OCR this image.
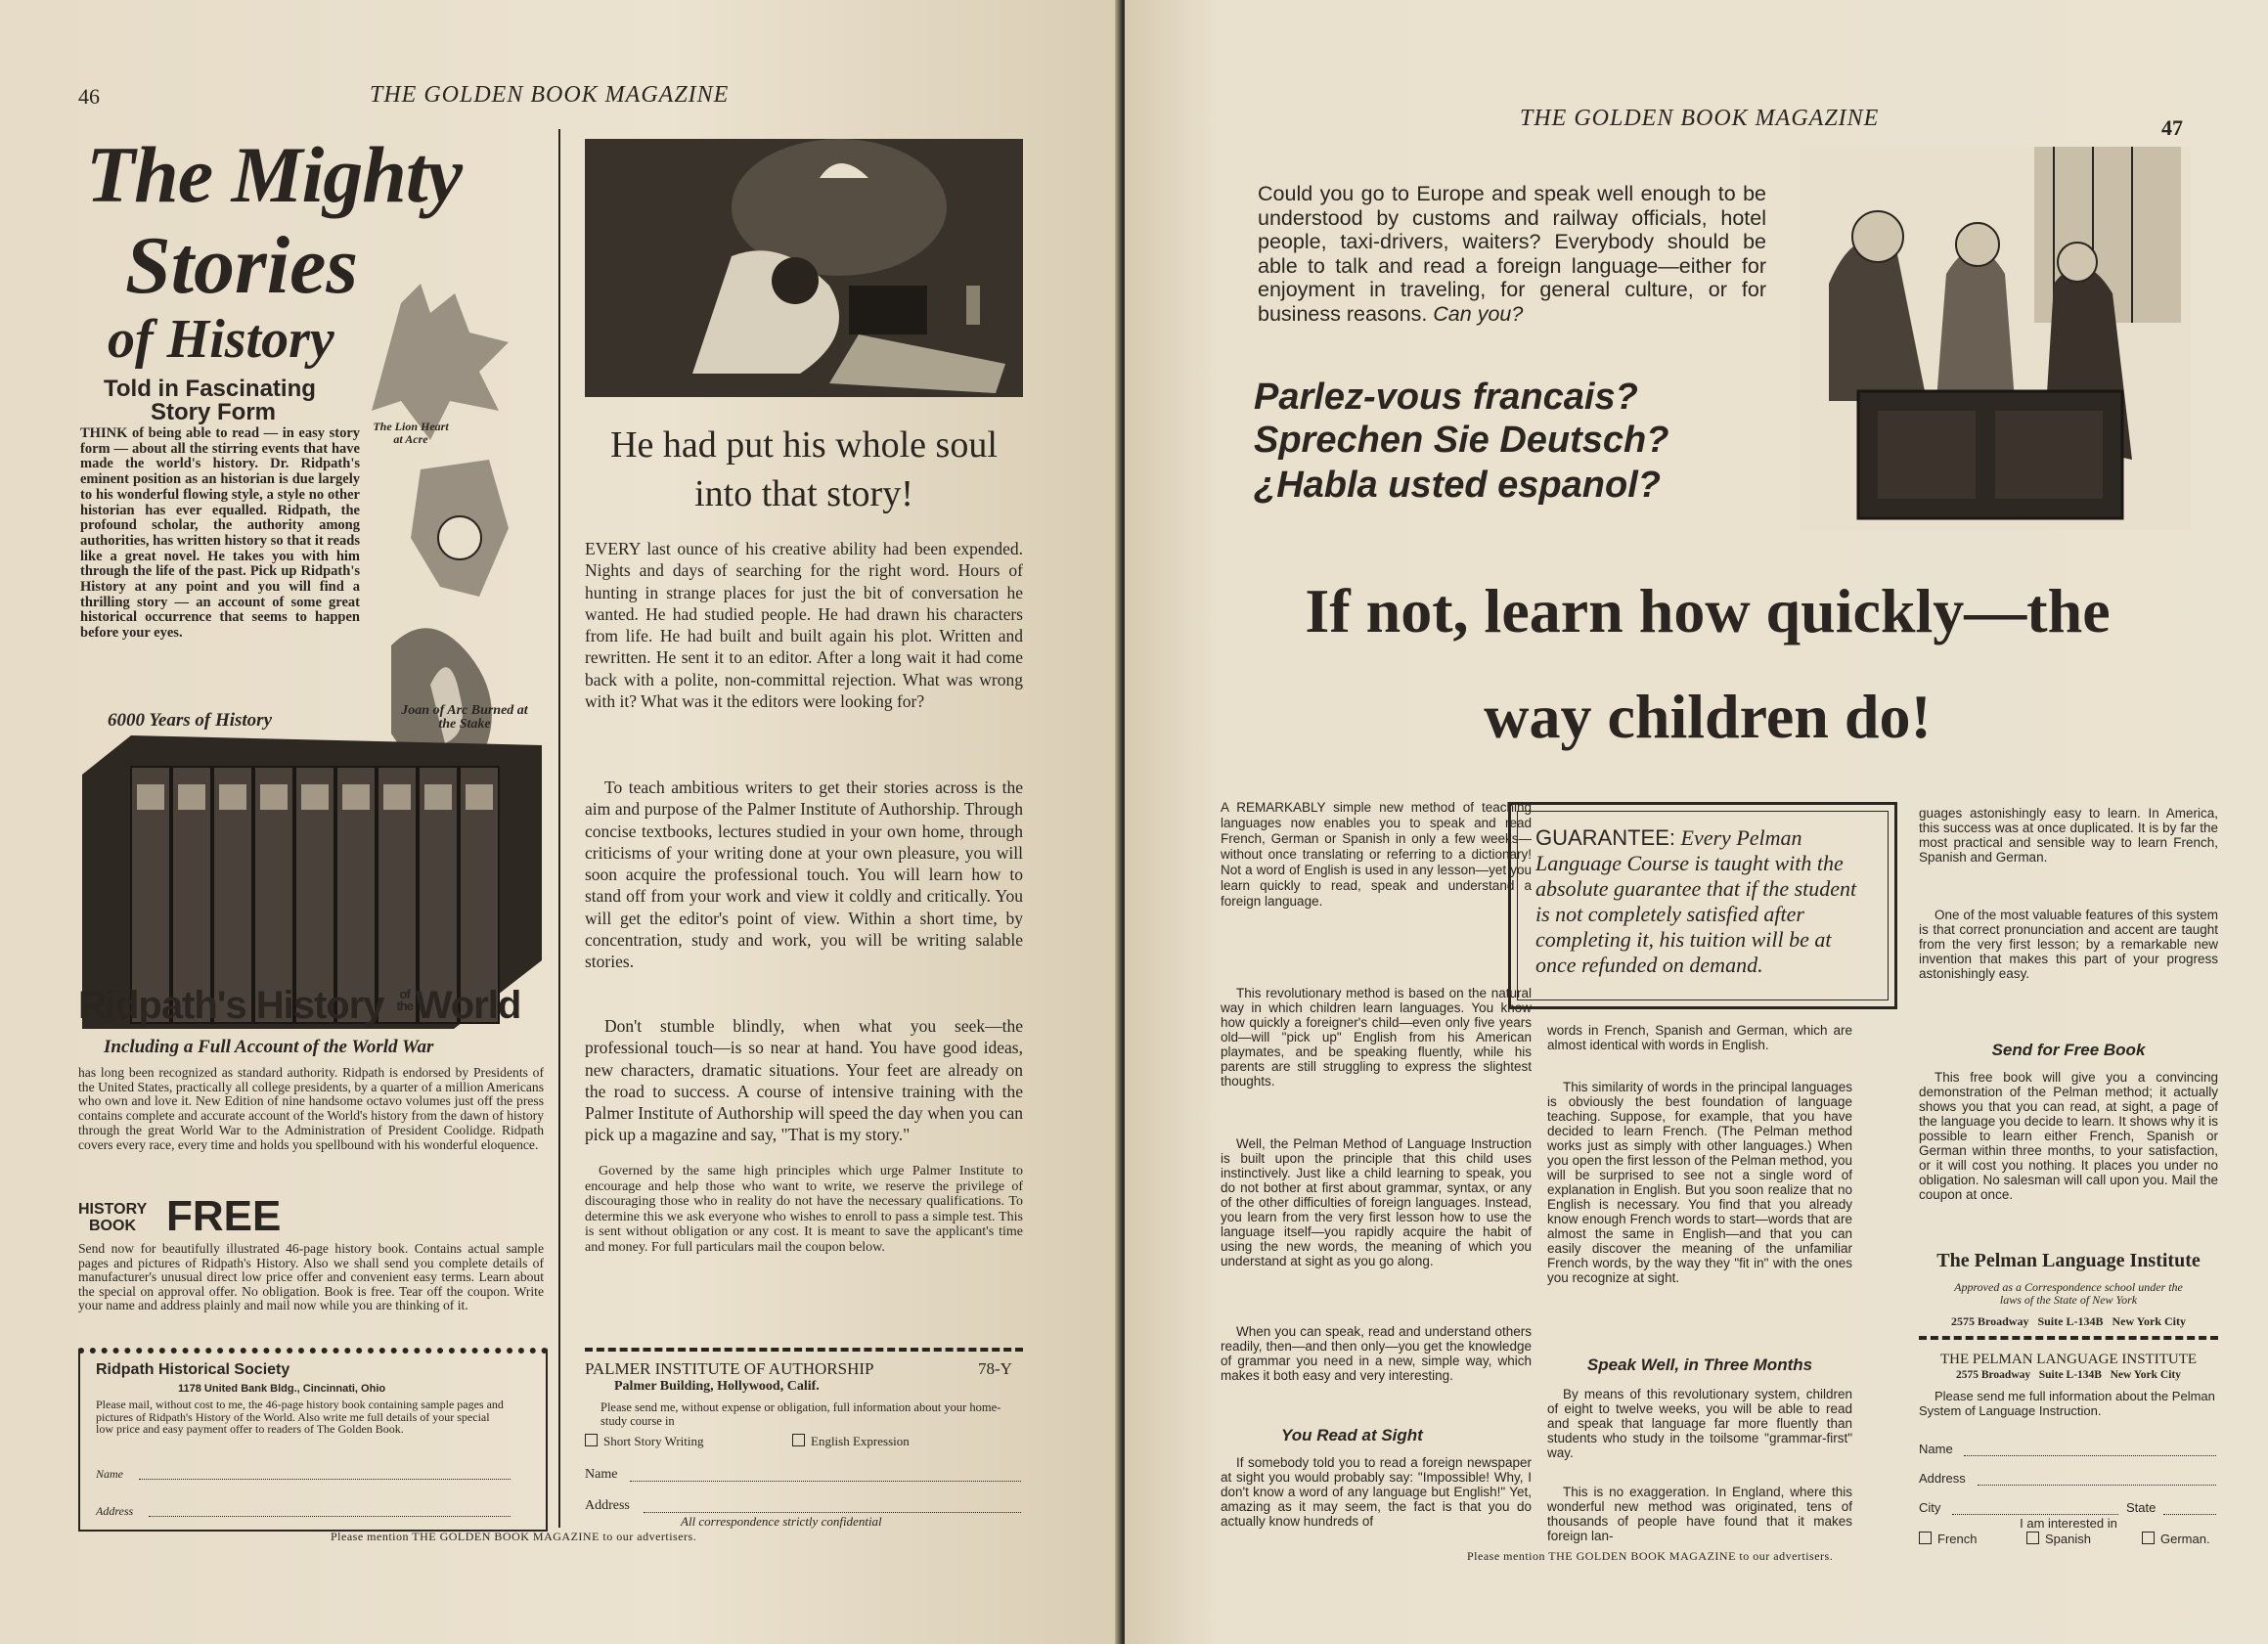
46	THE GOLDEN BOOK MAGAZINE
The Mighty
Stories
of History
Told in Fascinating
Story Form
The Lion Heart at Acre
THINK of being able to read — in easy story form — about all the stirring events that have made the world's history. Dr. Ridpath's eminent position as an historian is due largely to his wonderful flowing style, a style no other historian has ever equalled. Ridpath, the profound scholar, the authority among authorities, has written history so that it reads like a great novel. He takes you with him through the life of the past. Pick up Ridpath's History at any point and you will find a thrilling story — an account of some great historical occurrence that seems to happen before your eyes.
6000 Years of History	Joan of Arc Burned at the Stake
Ridpath's History of theWorld
Including a Full Account of the World War
has long been recognized as standard authority. Ridpath is endorsed by Presidents of the United States, practically all college presidents, by a quarter of a million Americans who own and love it. New Edition of nine handsome octavo volumes just off the press contains complete and accurate account of the World's history from the dawn of history through the great World War to the Administration of President Coolidge. Ridpath covers every race, every time and holds you spellbound with his wonderful eloquence.
HISTORY BOOK FREE
Send now for beautifully illustrated 46-page history book. Contains actual sample pages and pictures of Ridpath's History. Also we shall send you complete details of manufacturer's unusual direct low price offer and convenient easy terms. Learn about the special on approval offer. No obligation. Book is free. Tear off the coupon. Write your name and address plainly and mail now while you are thinking of it.
Ridpath Historical Society
1178 United Bank Bldg., Cincinnati, Ohio
Please mail, without cost to me, the 46-page history book containing sample pages and pictures of Ridpath's History of the World. Also write me full details of your special low price and easy payment offer to readers of The Golden Book.
Name
Address
He had put his whole soul into that story!
EVERY last ounce of his creative ability had been expended. Nights and days of searching for the right word. Hours of hunting in strange places for just the bit of conversation he wanted. He had studied people. He had drawn his characters from life. He had built and built again his plot. Written and rewritten. He sent it to an editor. After a long wait it had come back with a polite, non-committal rejection. What was wrong with it? What was it the editors were looking for?
To teach ambitious writers to get their stories across is the aim and purpose of the Palmer Institute of Authorship. Through concise textbooks, lectures studied in your own home, through criticisms of your writing done at your own pleasure, you will soon acquire the professional touch. You will learn how to stand off from your work and view it coldly and critically. You will get the editor's point of view. Within a short time, by concentration, study and work, you will be writing salable stories.
Don't stumble blindly, when what you seek—the professional touch—is so near at hand. You have good ideas, new characters, dramatic situations. Your feet are already on the road to success. A course of intensive training with the Palmer Institute of Authorship will speed the day when you can pick up a magazine and say, "That is my story."
Governed by the same high principles which urge Palmer Institute to encourage and help those who want to write, we reserve the privilege of discouraging those who in reality do not have the necessary qualifications. To determine this we ask everyone who wishes to enroll to pass a simple test. This is sent without obligation or any cost. It is meant to save the applicant's time and money. For full particulars mail the coupon below.
PALMER INSTITUTE OF AUTHORSHIP	78-Y
Palmer Building, Hollywood, Calif.
Please send me, without expense or obligation, full information about your home-study course in
Short Story Writing	English Expression
Name
Address
All correspondence strictly confidential
Please mention THE GOLDEN BOOK MAGAZINE to our advertisers.
THE GOLDEN BOOK MAGAZINE	47
Could you go to Europe and speak well enough to be understood by customs and railway officials, hotel people, taxi-drivers, waiters? Everybody should be able to talk and read a foreign language—either for enjoyment in traveling, for general culture, or for business reasons. Can you?
Parlez-vous francais?
Sprechen Sie Deutsch?
¿Habla usted espanol?
If not, learn how quickly—the
way children do!
A REMARKABLY simple new method of teaching languages now enables you to speak and read French, German or Spanish in only a few weeks—without once translating or referring to a dictionary! Not a word of English is used in any lesson—yet you learn quickly to read, speak and understand a foreign language.
This revolutionary method is based on the natural way in which children learn languages. You know how quickly a foreigner's child—even only five years old—will "pick up" English from his American playmates, and be speaking fluently, while his parents are still struggling to express the slightest thoughts.
Well, the Pelman Method of Language Instruction is built upon the principle that this child uses instinctively. Just like a child learning to speak, you do not bother at first about grammar, syntax, or any of the other difficulties of foreign languages. Instead, you learn from the very first lesson how to use the language itself—you rapidly acquire the habit of using the new words, the meaning of which you understand at sight as you go along.
When you can speak, read and understand others readily, then—and then only—you get the knowledge of grammar you need in a new, simple way, which makes it both easy and very interesting.
You Read at Sight
If somebody told you to read a foreign newspaper at sight you would probably say: "Impossible! Why, I don't know a word of any language but English!" Yet, amazing as it may seem, the fact is that you do actually know hundreds of
GUARANTEE: Every Pelman Language Course is taught with the absolute guarantee that if the student is not completely satisfied after completing it, his tuition will be at once refunded on demand.
words in French, Spanish and German, which are almost identical with words in English.
This similarity of words in the principal languages is obviously the best foundation of language teaching. Suppose, for example, that you have decided to learn French. (The Pelman method works just as simply with other languages.) When you open the first lesson of the Pelman method, you will be surprised to see not a single word of explanation in English. But you soon realize that no English is necessary. You find that you already know enough French words to start—words that are almost the same in English—and that you can easily discover the meaning of the unfamiliar French words, by the way they "fit in" with the ones you recognize at sight.
Speak Well, in Three Months
By means of this revolutionary system, children of eight to twelve weeks, you will be able to read and speak that language far more fluently than students who study in the toilsome "grammar-first" way.
This is no exaggeration. In England, where this wonderful new method was originated, tens of thousands of people have found that it makes foreign lan-
guages astonishingly easy to learn. In America, this success was at once duplicated. It is by far the most practical and sensible way to learn French, Spanish and German.
One of the most valuable features of this system is that correct pronunciation and accent are taught from the very first lesson; by a remarkable new invention that makes this part of your progress astonishingly easy.
Send for Free Book
This free book will give you a convincing demonstration of the Pelman method; it actually shows you that you can read, at sight, a page of the language you decide to learn. It shows why it is possible to learn either French, Spanish or German within three months, to your satisfaction, or it will cost you nothing. It places you under no obligation. No salesman will call upon you. Mail the coupon at once.
The Pelman Language Institute
Approved as a Correspondence school under the laws of the State of New York
2575 Broadway   Suite L-134B   New York City
THE PELMAN LANGUAGE INSTITUTE
2575 Broadway   Suite L-134B   New York City
Please send me full information about the Pelman System of Language Instruction.
Name
Address
City	State
I am interested in
French	Spanish	German.
Please mention THE GOLDEN BOOK MAGAZINE to our advertisers.
